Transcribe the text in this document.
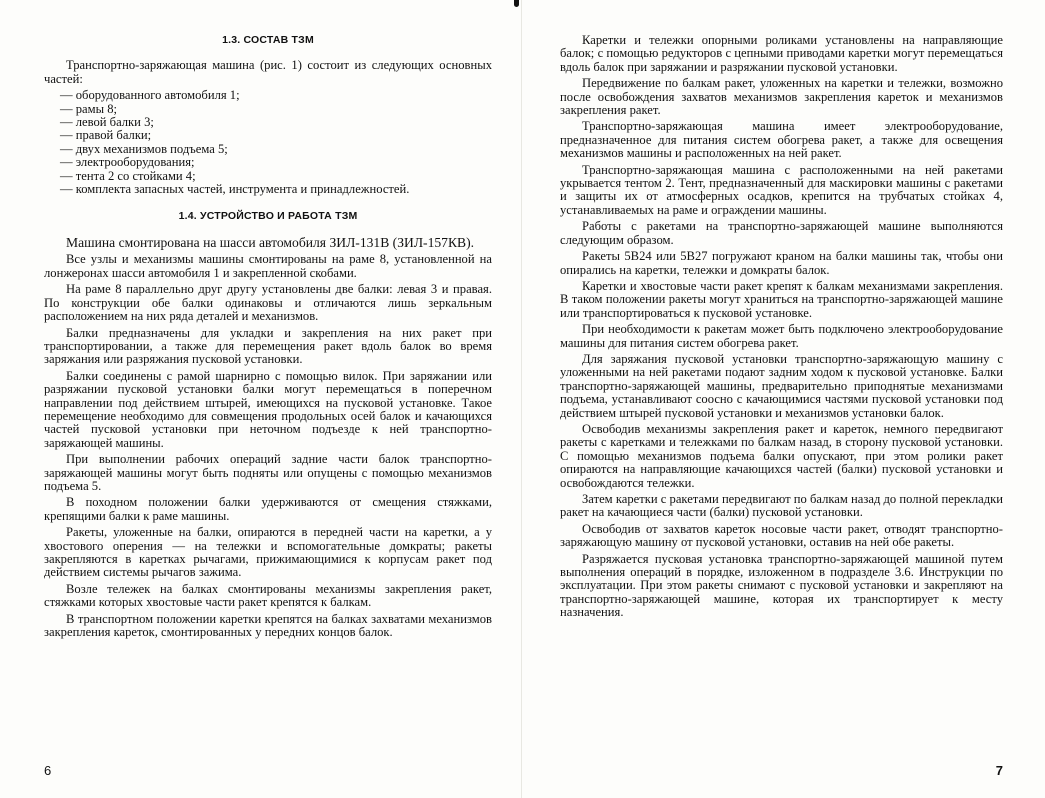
1.3. СОСТАВ ТЗМ

Транспортно-заряжающая машина (рис. 1) состоит из следующих основных частей:

— оборудованного автомобиля 1;
— рамы 8;
— левой балки 3;
— правой балки;
— двух механизмов подъема 5;
— электрооборудования;
— тента 2 со стойками 4;
— комплекта запасных частей, инструмента и принадлежностей.
1.4. УСТРОЙСТВО И РАБОТА ТЗМ

Машина смонтирована на шасси автомобиля ЗИЛ-131В (ЗИЛ-157КВ).

Все узлы и механизмы машины смонтированы на раме 8, установленной на лонжеронах шасси автомобиля 1 и закрепленной скобами.

На раме 8 параллельно друг другу установлены две балки: левая 3 и правая. По конструкции обе балки одинаковы и отличаются лишь зеркальным расположением на них ряда деталей и механизмов.

Балки предназначены для укладки и закрепления на них ракет при транспортировании, а также для перемещения ракет вдоль балок во время заряжания или разряжания пусковой установки.

Балки соединены с рамой шарнирно с помощью вилок. При заряжании или разряжании пусковой установки балки могут перемещаться в поперечном направлении под действием штырей, имеющихся на пусковой установке. Такое перемещение необходимо для совмещения продольных осей балок и качающихся частей пусковой установки при неточном подъезде к ней транспортно-заряжающей машины.

При выполнении рабочих операций задние части балок транспортно-заряжающей машины могут быть подняты или опущены с помощью механизмов подъема 5.

В походном положении балки удерживаются от смещения стяжками, крепящими балки к раме машины.

Ракеты, уложенные на балки, опираются в передней части на каретки, а у хвостового оперения — на тележки и вспомогательные домкраты; ракеты закрепляются в каретках рычагами, прижимающимися к корпусам ракет под действием системы рычагов зажима.

Возле тележек на балках смонтированы механизмы закрепления ракет, стяжками которых хвостовые части ракет крепятся к балкам.

В транспортном положении каретки крепятся на балках захватами механизмов закрепления кареток, смонтированных у передних концов балок.

6

Каретки и тележки опорными роликами установлены на направляющие балок; с помощью редукторов с цепными приводами каретки могут перемещаться вдоль балок при заряжании и разряжании пусковой установки.

Передвижение по балкам ракет, уложенных на каретки и тележки, возможно после освобождения захватов механизмов закрепления кареток и механизмов закрепления ракет.

Транспортно-заряжающая машина имеет электрооборудование, предназначенное для питания систем обогрева ракет, а также для освещения механизмов машины и расположенных на ней ракет.

Транспортно-заряжающая машина с расположенными на ней ракетами укрывается тентом 2. Тент, предназначенный для маскировки машины с ракетами и защиты их от атмосферных осадков, крепится на трубчатых стойках 4, устанавливаемых на раме и ограждении машины.

Работы с ракетами на транспортно-заряжающей машине выполняются следующим образом.

Ракеты 5В24 или 5В27 погружают краном на балки машины так, чтобы они опирались на каретки, тележки и домкраты балок.

Каретки и хвостовые части ракет крепят к балкам механизмами закрепления. В таком положении ракеты могут храниться на транспортно-заряжающей машине или транспортироваться к пусковой установке.

При необходимости к ракетам может быть подключено электрооборудование машины для питания систем обогрева ракет.

Для заряжания пусковой установки транспортно-заряжающую машину с уложенными на ней ракетами подают задним ходом к пусковой установке. Балки транспортно-заряжающей машины, предварительно приподнятые механизмами подъема, устанавливают соосно с качающимися частями пусковой установки под действием штырей пусковой установки и механизмов установки балок.

Освободив механизмы закрепления ракет и кареток, немного передвигают ракеты с каретками и тележками по балкам назад, в сторону пусковой установки. С помощью механизмов подъема балки опускают, при этом ролики ракет опираются на направляющие качающихся частей (балки) пусковой установки и освобождаются тележки.

Затем каретки с ракетами передвигают по балкам назад до полной перекладки ракет на качающиеся части (балки) пусковой установки.

Освободив от захватов кареток носовые части ракет, отводят транспортно-заряжающую машину от пусковой установки, оставив на ней обе ракеты.

Разряжается пусковая установка транспортно-заряжающей машиной путем выполнения операций в порядке, изложенном в подразделе 3.6. Инструкции по эксплуатации. При этом ракеты снимают с пусковой установки и закрепляют на транспортно-заряжающей машине, которая их транспортирует к месту назначения.

7
